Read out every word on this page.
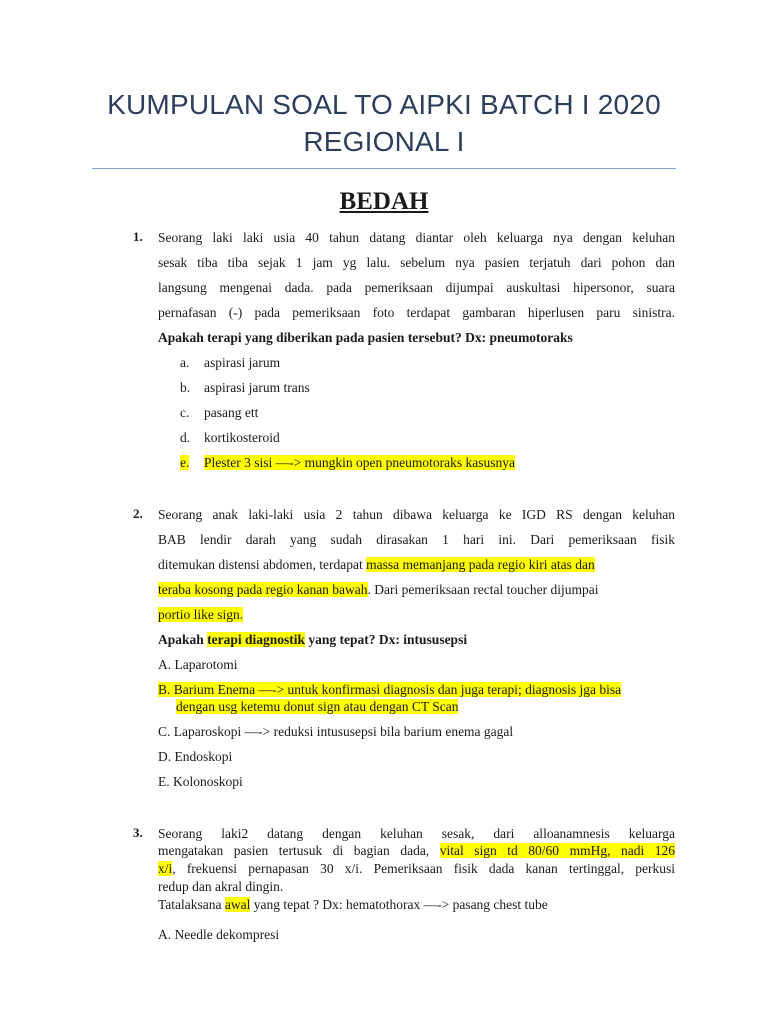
KUMPULAN SOAL TO AIPKI BATCH I 2020
REGIONAL I
BEDAH
1. Seorang laki laki usia 40 tahun datang diantar oleh keluarga nya dengan keluhan
sesak tiba tiba sejak 1 jam yg lalu. sebelum nya pasien terjatuh dari pohon dan
langsung mengenai dada. pada pemeriksaan dijumpai auskultasi hipersonor, suara
pernafasan (-) pada pemeriksaan foto terdapat gambaran hiperlusen paru sinistra.
Apakah terapi yang diberikan pada pasien tersebut? Dx: pneumotoraks
a. aspirasi jarum
b. aspirasi jarum trans
c. pasang ett
d. kortikosteroid
e. Plester 3 sisi —-> mungkin open pneumotoraks kasusnya
2. Seorang anak laki-laki usia 2 tahun dibawa keluarga ke IGD RS dengan keluhan
BAB lendir darah yang sudah dirasakan 1 hari ini. Dari pemeriksaan fisik
ditemukan distensi abdomen, terdapat massa memanjang pada regio kiri atas dan
teraba kosong pada regio kanan bawah. Dari pemeriksaan rectal toucher dijumpai
portio like sign.
Apakah terapi diagnostik yang tepat? Dx: intususepsi
A. Laparotomi
B. Barium Enema —-> untuk konfirmasi diagnosis dan juga terapi; diagnosis jga bisa
dengan usg ketemu donut sign atau dengan CT Scan
C. Laparoskopi —-> reduksi intususepsi bila barium enema gagal
D. Endoskopi
E. Kolonoskopi
3. Seorang laki2 datang dengan keluhan sesak, dari alloanamnesis keluarga
mengatakan pasien tertusuk di bagian dada, vital sign td 80/60 mmHg, nadi 126
x/i, frekuensi pernapasan 30 x/i. Pemeriksaan fisik dada kanan tertinggal, perkusi
redup dan akral dingin.
Tatalaksana awal yang tepat ? Dx: hematothorax —-> pasang chest tube
A. Needle dekompresi
